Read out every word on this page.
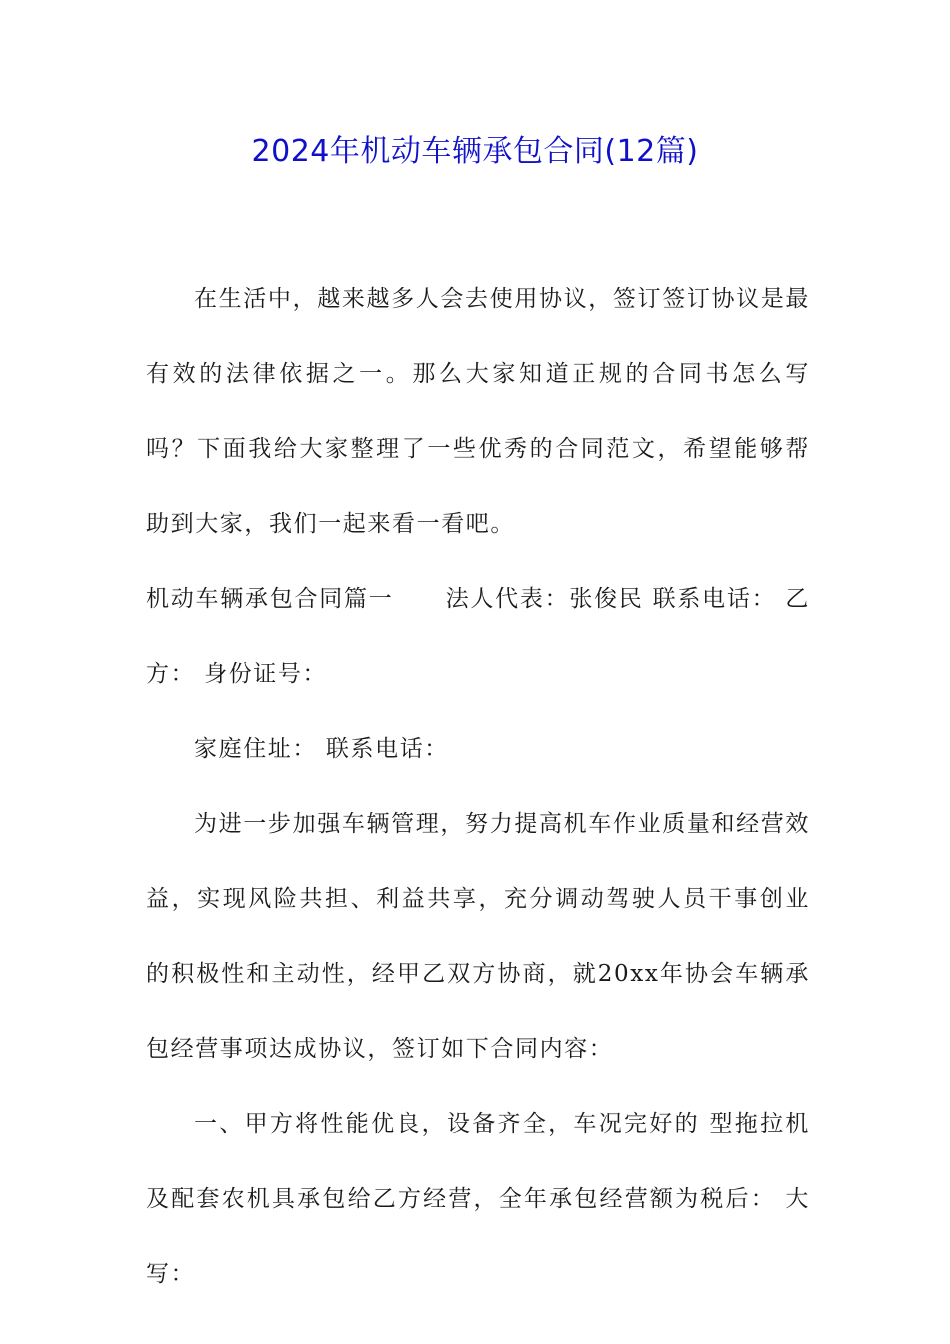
2024年机动车辆承包合同(12篇)

在生活中，越来越多人会去使用协议，签订签订协议是最有效的法律依据之一。那么大家知道正规的合同书怎么写吗？下面我给大家整理了一些优秀的合同范文，希望能够帮助到大家，我们一起来看一看吧。

机动车辆承包合同篇一 法人代表：张俊民 联系电话： 乙方： 身份证号：

家庭住址： 联系电话：

为进一步加强车辆管理，努力提高机车作业质量和经营效益，实现风险共担、利益共享，充分调动驾驶人员干事创业的积极性和主动性，经甲乙双方协商，就20xx年协会车辆承包经营事项达成协议，签订如下合同内容：

一、甲方将性能优良，设备齐全，车况完好的 型拖拉机及配套农机具承包给乙方经营，全年承包经营额为税后： 大写：
